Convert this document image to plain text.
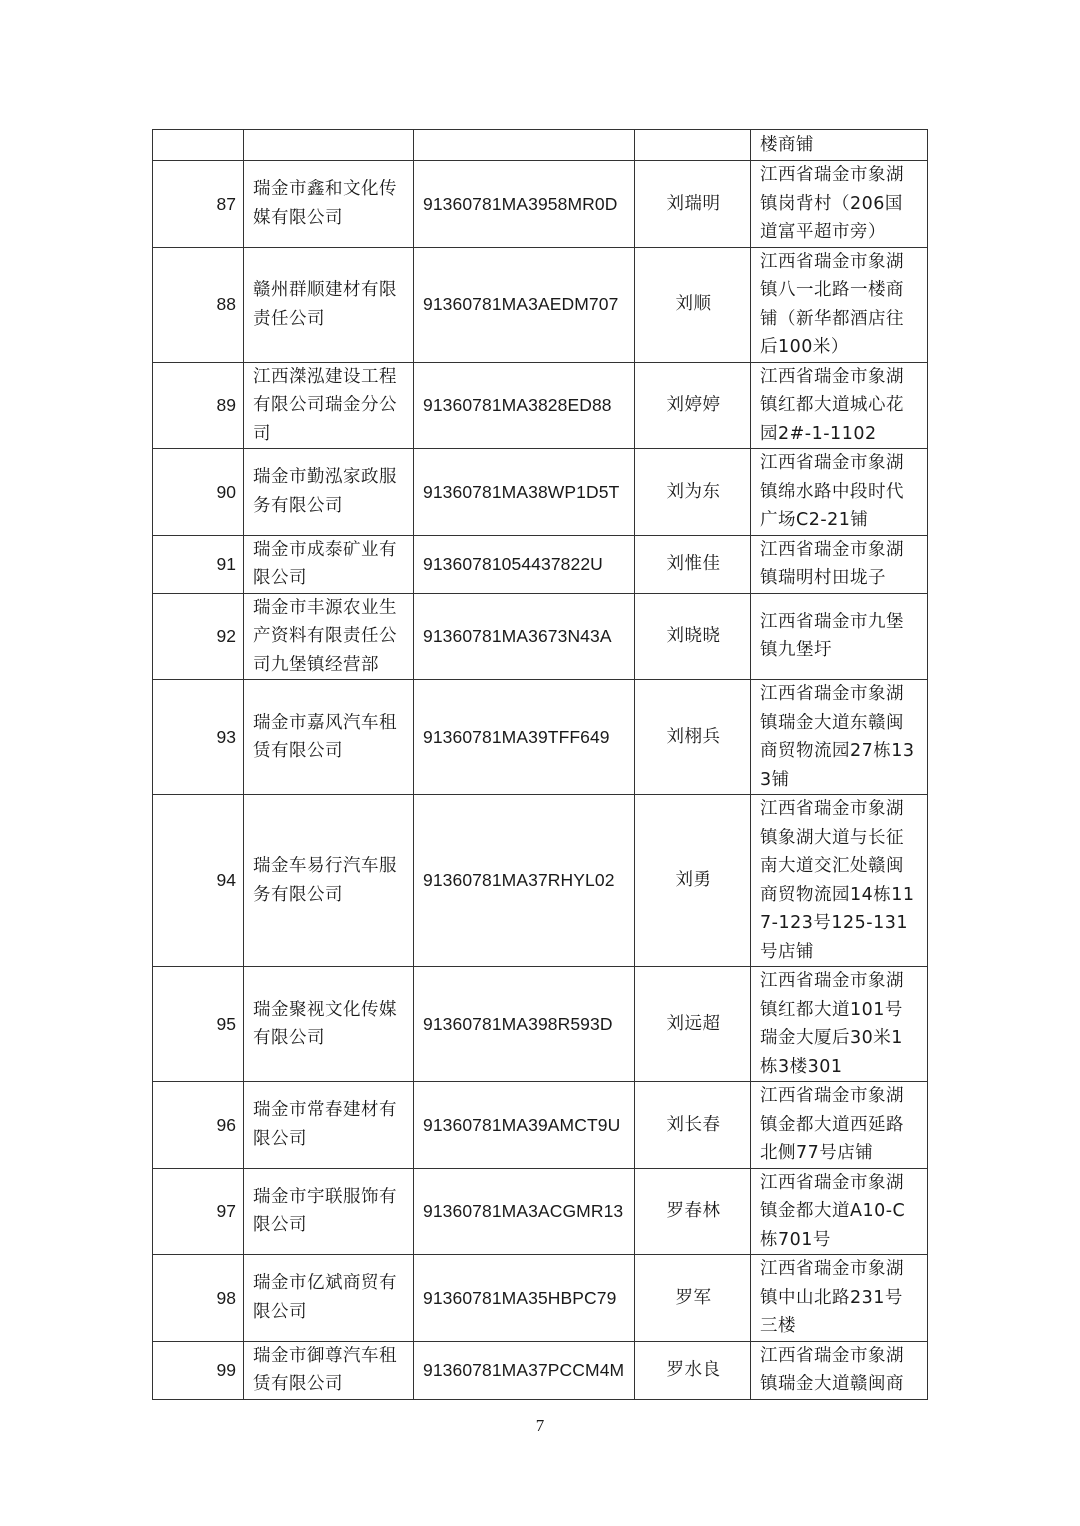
				楼商铺
87	瑞金市鑫和文化传媒有限公司	91360781MA3958MR0D	刘瑞明	江西省瑞金市象湖镇岗背村（206国道富平超市旁）
88	赣州群顺建材有限责任公司	91360781MA3AEDM707	刘顺	江西省瑞金市象湖镇八一北路一楼商铺（新华都酒店往后100米）
89	江西滐泓建设工程有限公司瑞金分公司	91360781MA3828ED88	刘婷婷	江西省瑞金市象湖镇红都大道城心花园2#-1-1102
90	瑞金市勤泓家政服务有限公司	91360781MA38WP1D5T	刘为东	江西省瑞金市象湖镇绵水路中段时代广场C2-21铺
91	瑞金市成泰矿业有限公司	91360781054437822U	刘惟佳	江西省瑞金市象湖镇瑞明村田垅子
92	瑞金市丰源农业生产资料有限责任公司九堡镇经营部	91360781MA3673N43A	刘晓晓	江西省瑞金市九堡镇九堡圩
93	瑞金市嘉风汽车租赁有限公司	91360781MA39TFF649	刘栩兵	江西省瑞金市象湖镇瑞金大道东赣闽商贸物流园27栋133铺
94	瑞金车易行汽车服务有限公司	91360781MA37RHYL02	刘勇	江西省瑞金市象湖镇象湖大道与长征南大道交汇处赣闽商贸物流园14栋117-123号125-131号店铺
95	瑞金聚视文化传媒有限公司	91360781MA398R593D	刘远超	江西省瑞金市象湖镇红都大道101号瑞金大厦后30米1栋3楼301
96	瑞金市常春建材有限公司	91360781MA39AMCT9U	刘长春	江西省瑞金市象湖镇金都大道西延路北侧77号店铺
97	瑞金市宇联服饰有限公司	91360781MA3ACGMR13	罗春林	江西省瑞金市象湖镇金都大道A10-C栋701号
98	瑞金市亿斌商贸有限公司	91360781MA35HBPC79	罗军	江西省瑞金市象湖镇中山北路231号三楼
99	瑞金市御尊汽车租赁有限公司	91360781MA37PCCM4M	罗水良	江西省瑞金市象湖镇瑞金大道赣闽商
7
